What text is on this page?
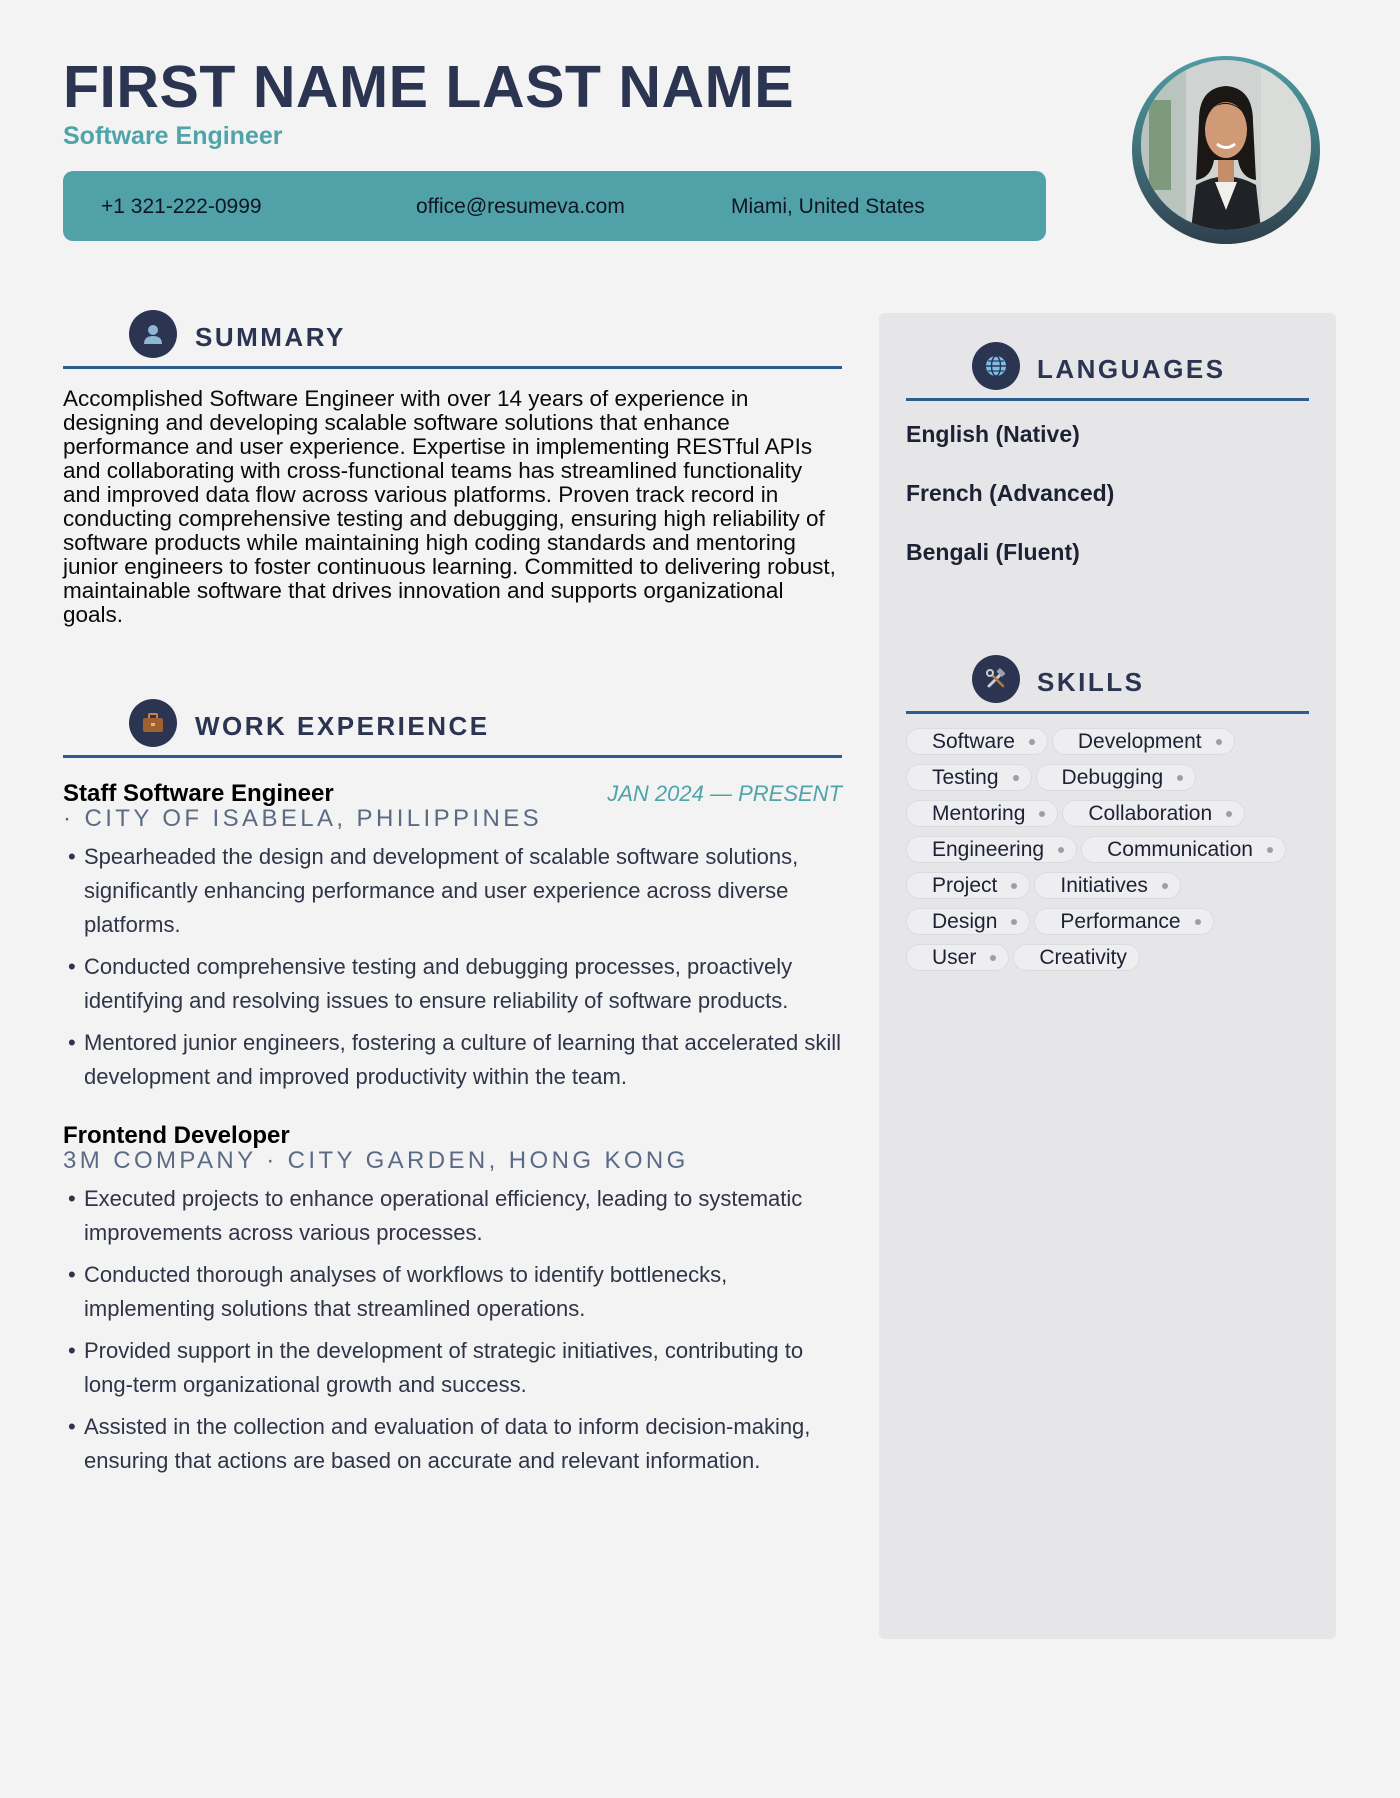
FIRST NAME LAST NAME
Software Engineer
+1 321-222-0999	office@resumeva.com	Miami, United States
SUMMARY

Accomplished Software Engineer with over 14 years of experience in designing and developing scalable software solutions that enhance performance and user experience. Expertise in implementing RESTful APIs and collaborating with cross-functional teams has streamlined functionality and improved data flow across various platforms. Proven track record in conducting comprehensive testing and debugging, ensuring high reliability of software products while maintaining high coding standards and mentoring junior engineers to foster continuous learning. Committed to delivering robust, maintainable software that drives innovation and supports organizational goals.

WORK EXPERIENCE
Staff Software Engineer	JAN 2024 — PRESENT
· CITY OF ISABELA, PHILIPPINES
• Spearheaded the design and development of scalable software solutions, significantly enhancing performance and user experience across diverse platforms.
• Conducted comprehensive testing and debugging processes, proactively identifying and resolving issues to ensure reliability of software products.
• Mentored junior engineers, fostering a culture of learning that accelerated skill development and improved productivity within the team.
Frontend Developer
3M COMPANY · CITY GARDEN, HONG KONG
• Executed projects to enhance operational efficiency, leading to systematic improvements across various processes.
• Conducted thorough analyses of workflows to identify bottlenecks, implementing solutions that streamlined operations.
• Provided support in the development of strategic initiatives, contributing to long-term organizational growth and success.
• Assisted in the collection and evaluation of data to inform decision-making, ensuring that actions are based on accurate and relevant information.
LANGUAGES
English (Native)
French (Advanced)
Bengali (Fluent)
SKILLS
Software	Development
Testing	Debugging
Mentoring	Collaboration
Engineering	Communication
Project	Initiatives
Design	Performance
User	Creativity
